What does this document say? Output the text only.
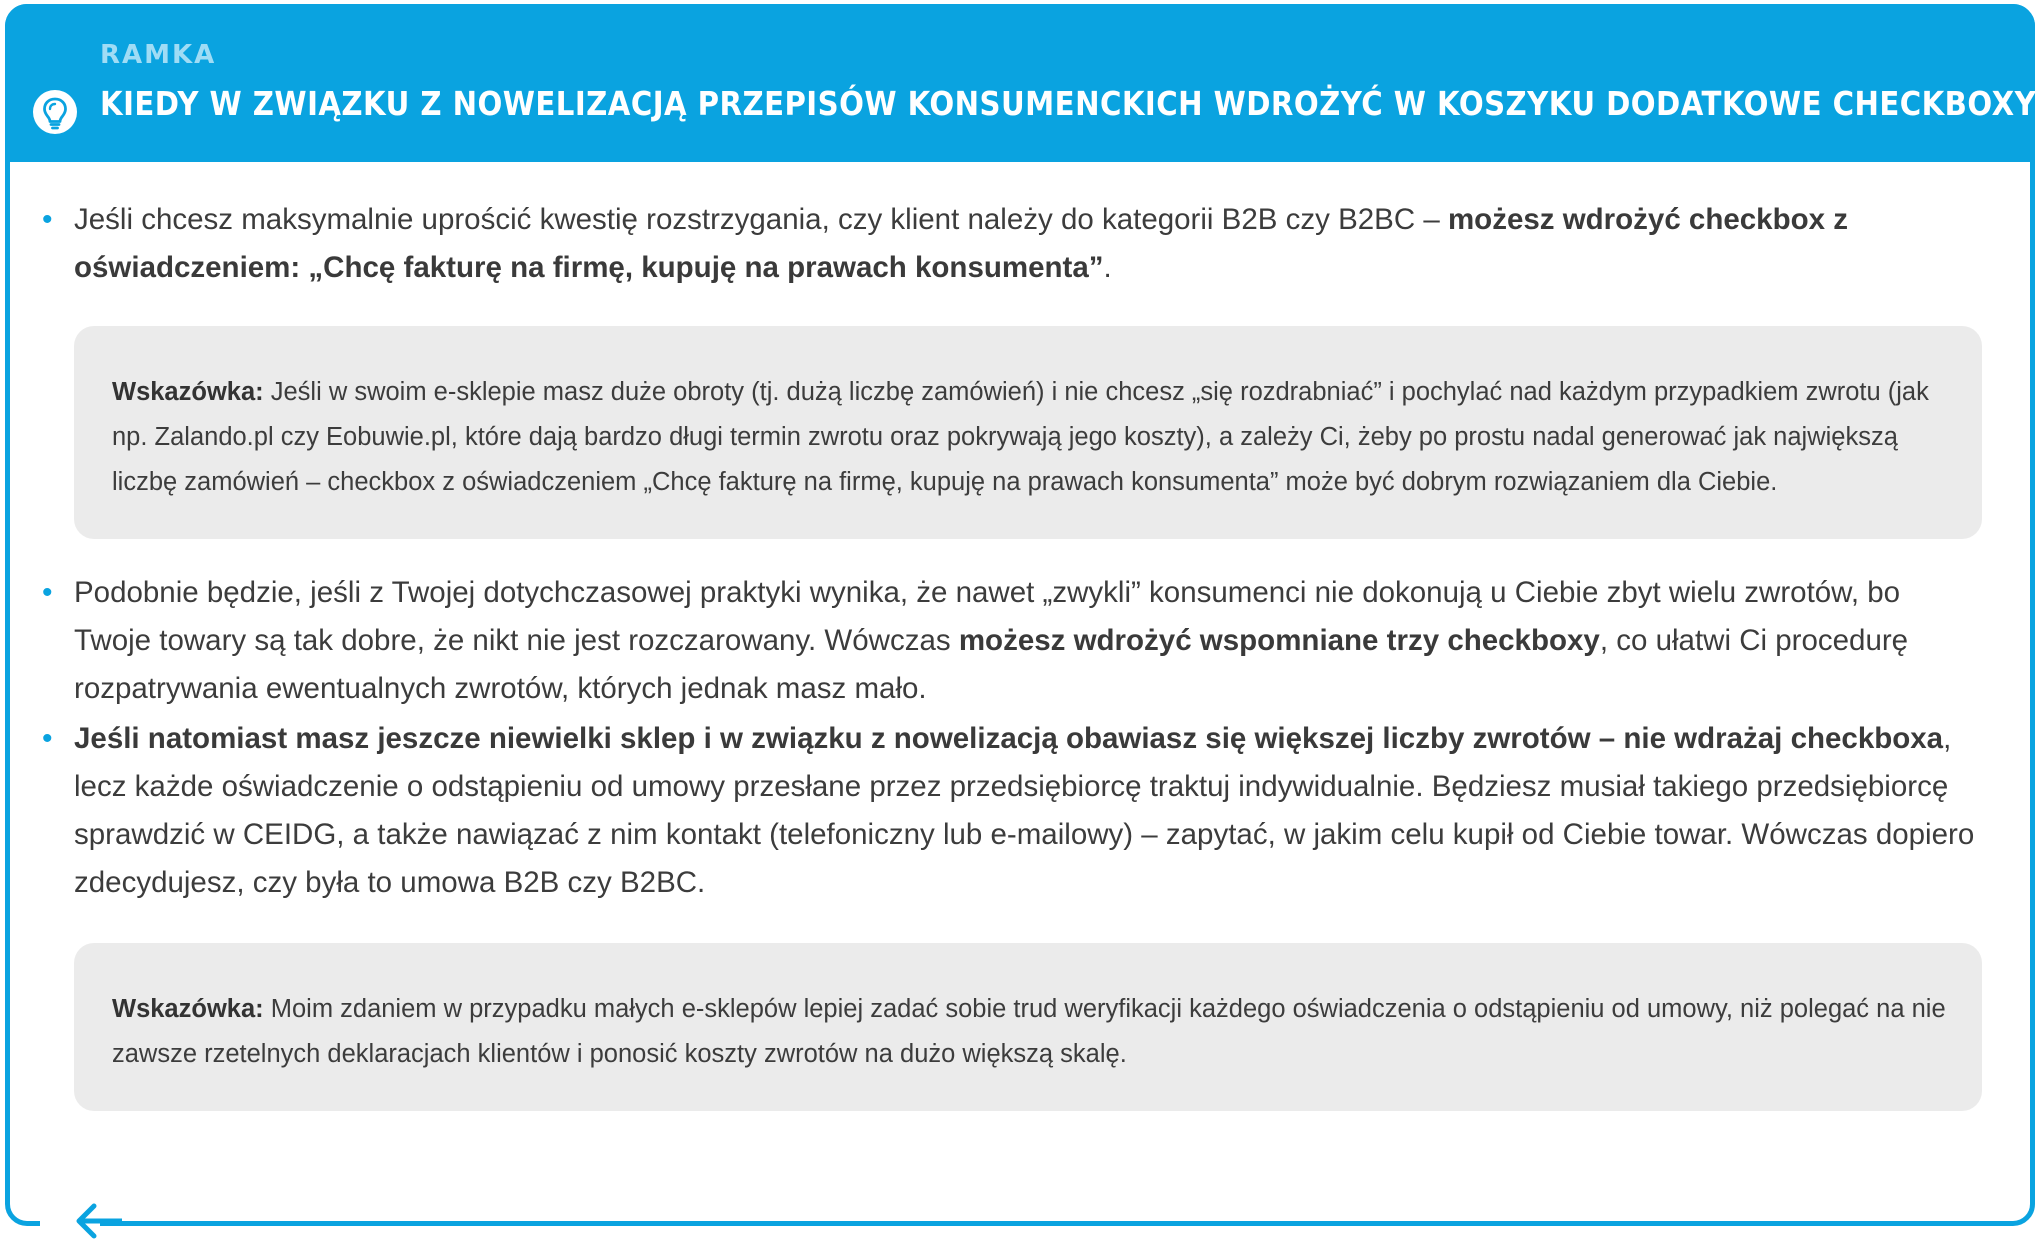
RAMKA
KIEDY W ZWIĄZKU Z NOWELIZACJĄ PRZEPISÓW KONSUMENCKICH WDROŻYĆ W KOSZYKU DODATKOWE CHECKBOXY
• Jeśli chcesz maksymalnie uprościć kwestię rozstrzygania, czy klient należy do kategorii B2B czy B2BC – możesz wdrożyć checkbox z oświadczeniem: „Chcę fakturę na firmę, kupuję na prawach konsumenta”.
Wskazówka: Jeśli w swoim e-sklepie masz duże obroty (tj. dużą liczbę zamówień) i nie chcesz „się rozdrabniać” i pochylać nad każdym przypadkiem zwrotu (jak np. Zalando.pl czy Eobuwie.pl, które dają bardzo długi termin zwrotu oraz pokrywają jego koszty), a zależy Ci, żeby po prostu nadal generować jak największą liczbę zamówień – checkbox z oświadczeniem „Chcę fakturę na firmę, kupuję na prawach konsumenta” może być dobrym rozwiązaniem dla Ciebie.
• Podobnie będzie, jeśli z Twojej dotychczasowej praktyki wynika, że nawet „zwykli” konsumenci nie dokonują u Ciebie zbyt wielu zwrotów, bo Twoje towary są tak dobre, że nikt nie jest rozczarowany. Wówczas możesz wdrożyć wspomniane trzy checkboxy, co ułatwi Ci procedurę rozpatrywania ewentualnych zwrotów, których jednak masz mało.
• Jeśli natomiast masz jeszcze niewielki sklep i w związku z nowelizacją obawiasz się większej liczby zwrotów – nie wdrażaj checkboxa, lecz każde oświadczenie o odstąpieniu od umowy przesłane przez przedsiębiorcę traktuj indywidualnie. Będziesz musiał takiego przedsiębiorcę sprawdzić w CEIDG, a także nawiązać z nim kontakt (telefoniczny lub e-mailowy) – zapytać, w jakim celu kupił od Ciebie towar. Wówczas dopiero zdecydujesz, czy była to umowa B2B czy B2BC.
Wskazówka: Moim zdaniem w przypadku małych e-sklepów lepiej zadać sobie trud weryfikacji każdego oświadczenia o odstąpieniu od umowy, niż polegać na nie zawsze rzetelnych deklaracjach klientów i ponosić koszty zwrotów na dużo większą skalę.
